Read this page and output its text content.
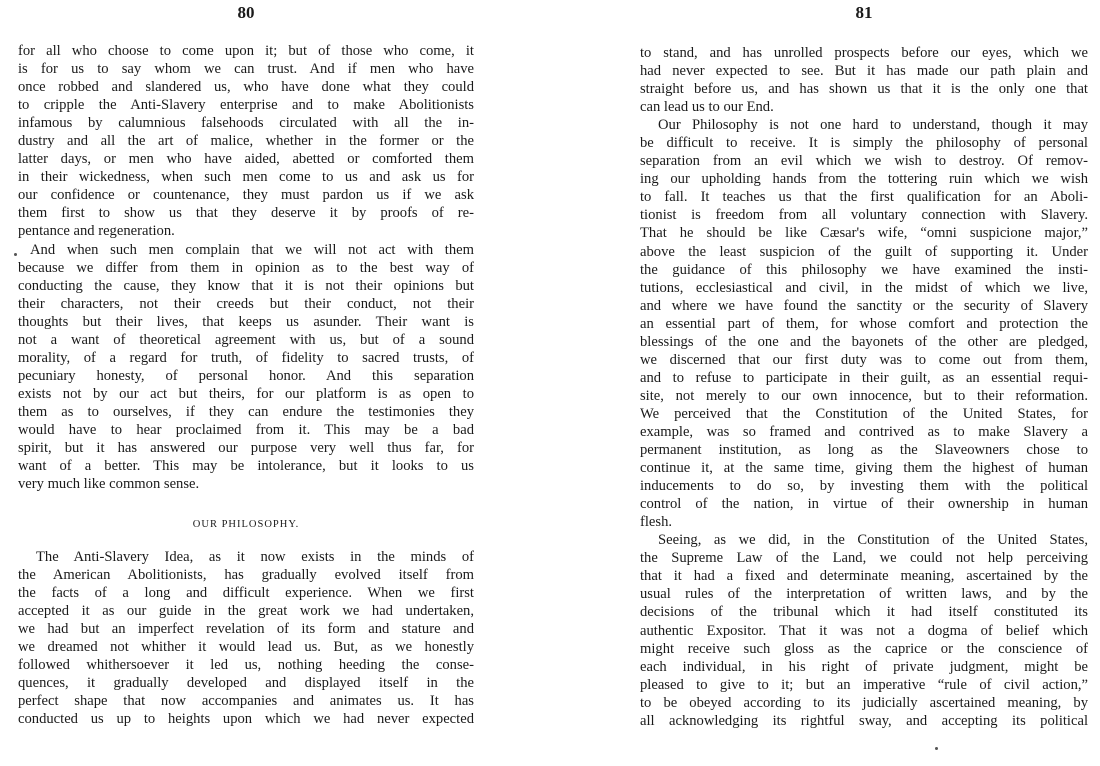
80
for all who choose to come upon it; but of those who come, it
is for us to say whom we can trust. And if men who have
once robbed and slandered us, who have done what they could
to cripple the Anti-Slavery enterprise and to make Abolitionists
infamous by calumnious falsehoods circulated with all the in-
dustry and all the art of malice, whether in the former or the
latter days, or men who have aided, abetted or comforted them
in their wickedness, when such men come to us and ask us for
our confidence or countenance, they must pardon us if we ask
them first to show us that they deserve it by proofs of re-
pentance and regeneration.
And when such men complain that we will not act with them
because we differ from them in opinion as to the best way of
conducting the cause, they know that it is not their opinions but
their characters, not their creeds but their conduct, not their
thoughts but their lives, that keeps us asunder. Their want is
not a want of theoretical agreement with us, but of a sound
morality, of a regard for truth, of fidelity to sacred trusts, of
pecuniary honesty, of personal honor. And this separation
exists not by our act but theirs, for our platform is as open to
them as to ourselves, if they can endure the testimonies they
would have to hear proclaimed from it. This may be a bad
spirit, but it has answered our purpose very well thus far, for
want of a better. This may be intolerance, but it looks to us
very much like common sense.
OUR PHILOSOPHY.
The Anti-Slavery Idea, as it now exists in the minds of
the American Abolitionists, has gradually evolved itself from
the facts of a long and difficult experience. When we first
accepted it as our guide in the great work we had undertaken,
we had but an imperfect revelation of its form and stature and
we dreamed not whither it would lead us. But, as we honestly
followed whithersoever it led us, nothing heeding the conse-
quences, it gradually developed and displayed itself in the
perfect shape that now accompanies and animates us. It has
conducted us up to heights upon which we had never expected
81
to stand, and has unrolled prospects before our eyes, which we
had never expected to see. But it has made our path plain and
straight before us, and has shown us that it is the only one that
can lead us to our End.
Our Philosophy is not one hard to understand, though it may
be difficult to receive. It is simply the philosophy of personal
separation from an evil which we wish to destroy. Of remov-
ing our upholding hands from the tottering ruin which we wish
to fall. It teaches us that the first qualification for an Aboli-
tionist is freedom from all voluntary connection with Slavery.
That he should be like Cæsar's wife, “omni suspicione major,”
above the least suspicion of the guilt of supporting it. Under
the guidance of this philosophy we have examined the insti-
tutions, ecclesiastical and civil, in the midst of which we live,
and where we have found the sanctity or the security of Slavery
an essential part of them, for whose comfort and protection the
blessings of the one and the bayonets of the other are pledged,
we discerned that our first duty was to come out from them,
and to refuse to participate in their guilt, as an essential requi-
site, not merely to our own innocence, but to their reformation.
We perceived that the Constitution of the United States, for
example, was so framed and contrived as to make Slavery a
permanent institution, as long as the Slaveowners chose to
continue it, at the same time, giving them the highest of human
inducements to do so, by investing them with the political
control of the nation, in virtue of their ownership in human
flesh.
Seeing, as we did, in the Constitution of the United States,
the Supreme Law of the Land, we could not help perceiving
that it had a fixed and determinate meaning, ascertained by the
usual rules of the interpretation of written laws, and by the
decisions of the tribunal which it had itself constituted its
authentic Expositor. That it was not a dogma of belief which
might receive such gloss as the caprice or the conscience of
each individual, in his right of private judgment, might be
pleased to give to it; but an imperative “rule of civil action,”
to be obeyed according to its judicially ascertained meaning, by
all acknowledging its rightful sway, and accepting its political
